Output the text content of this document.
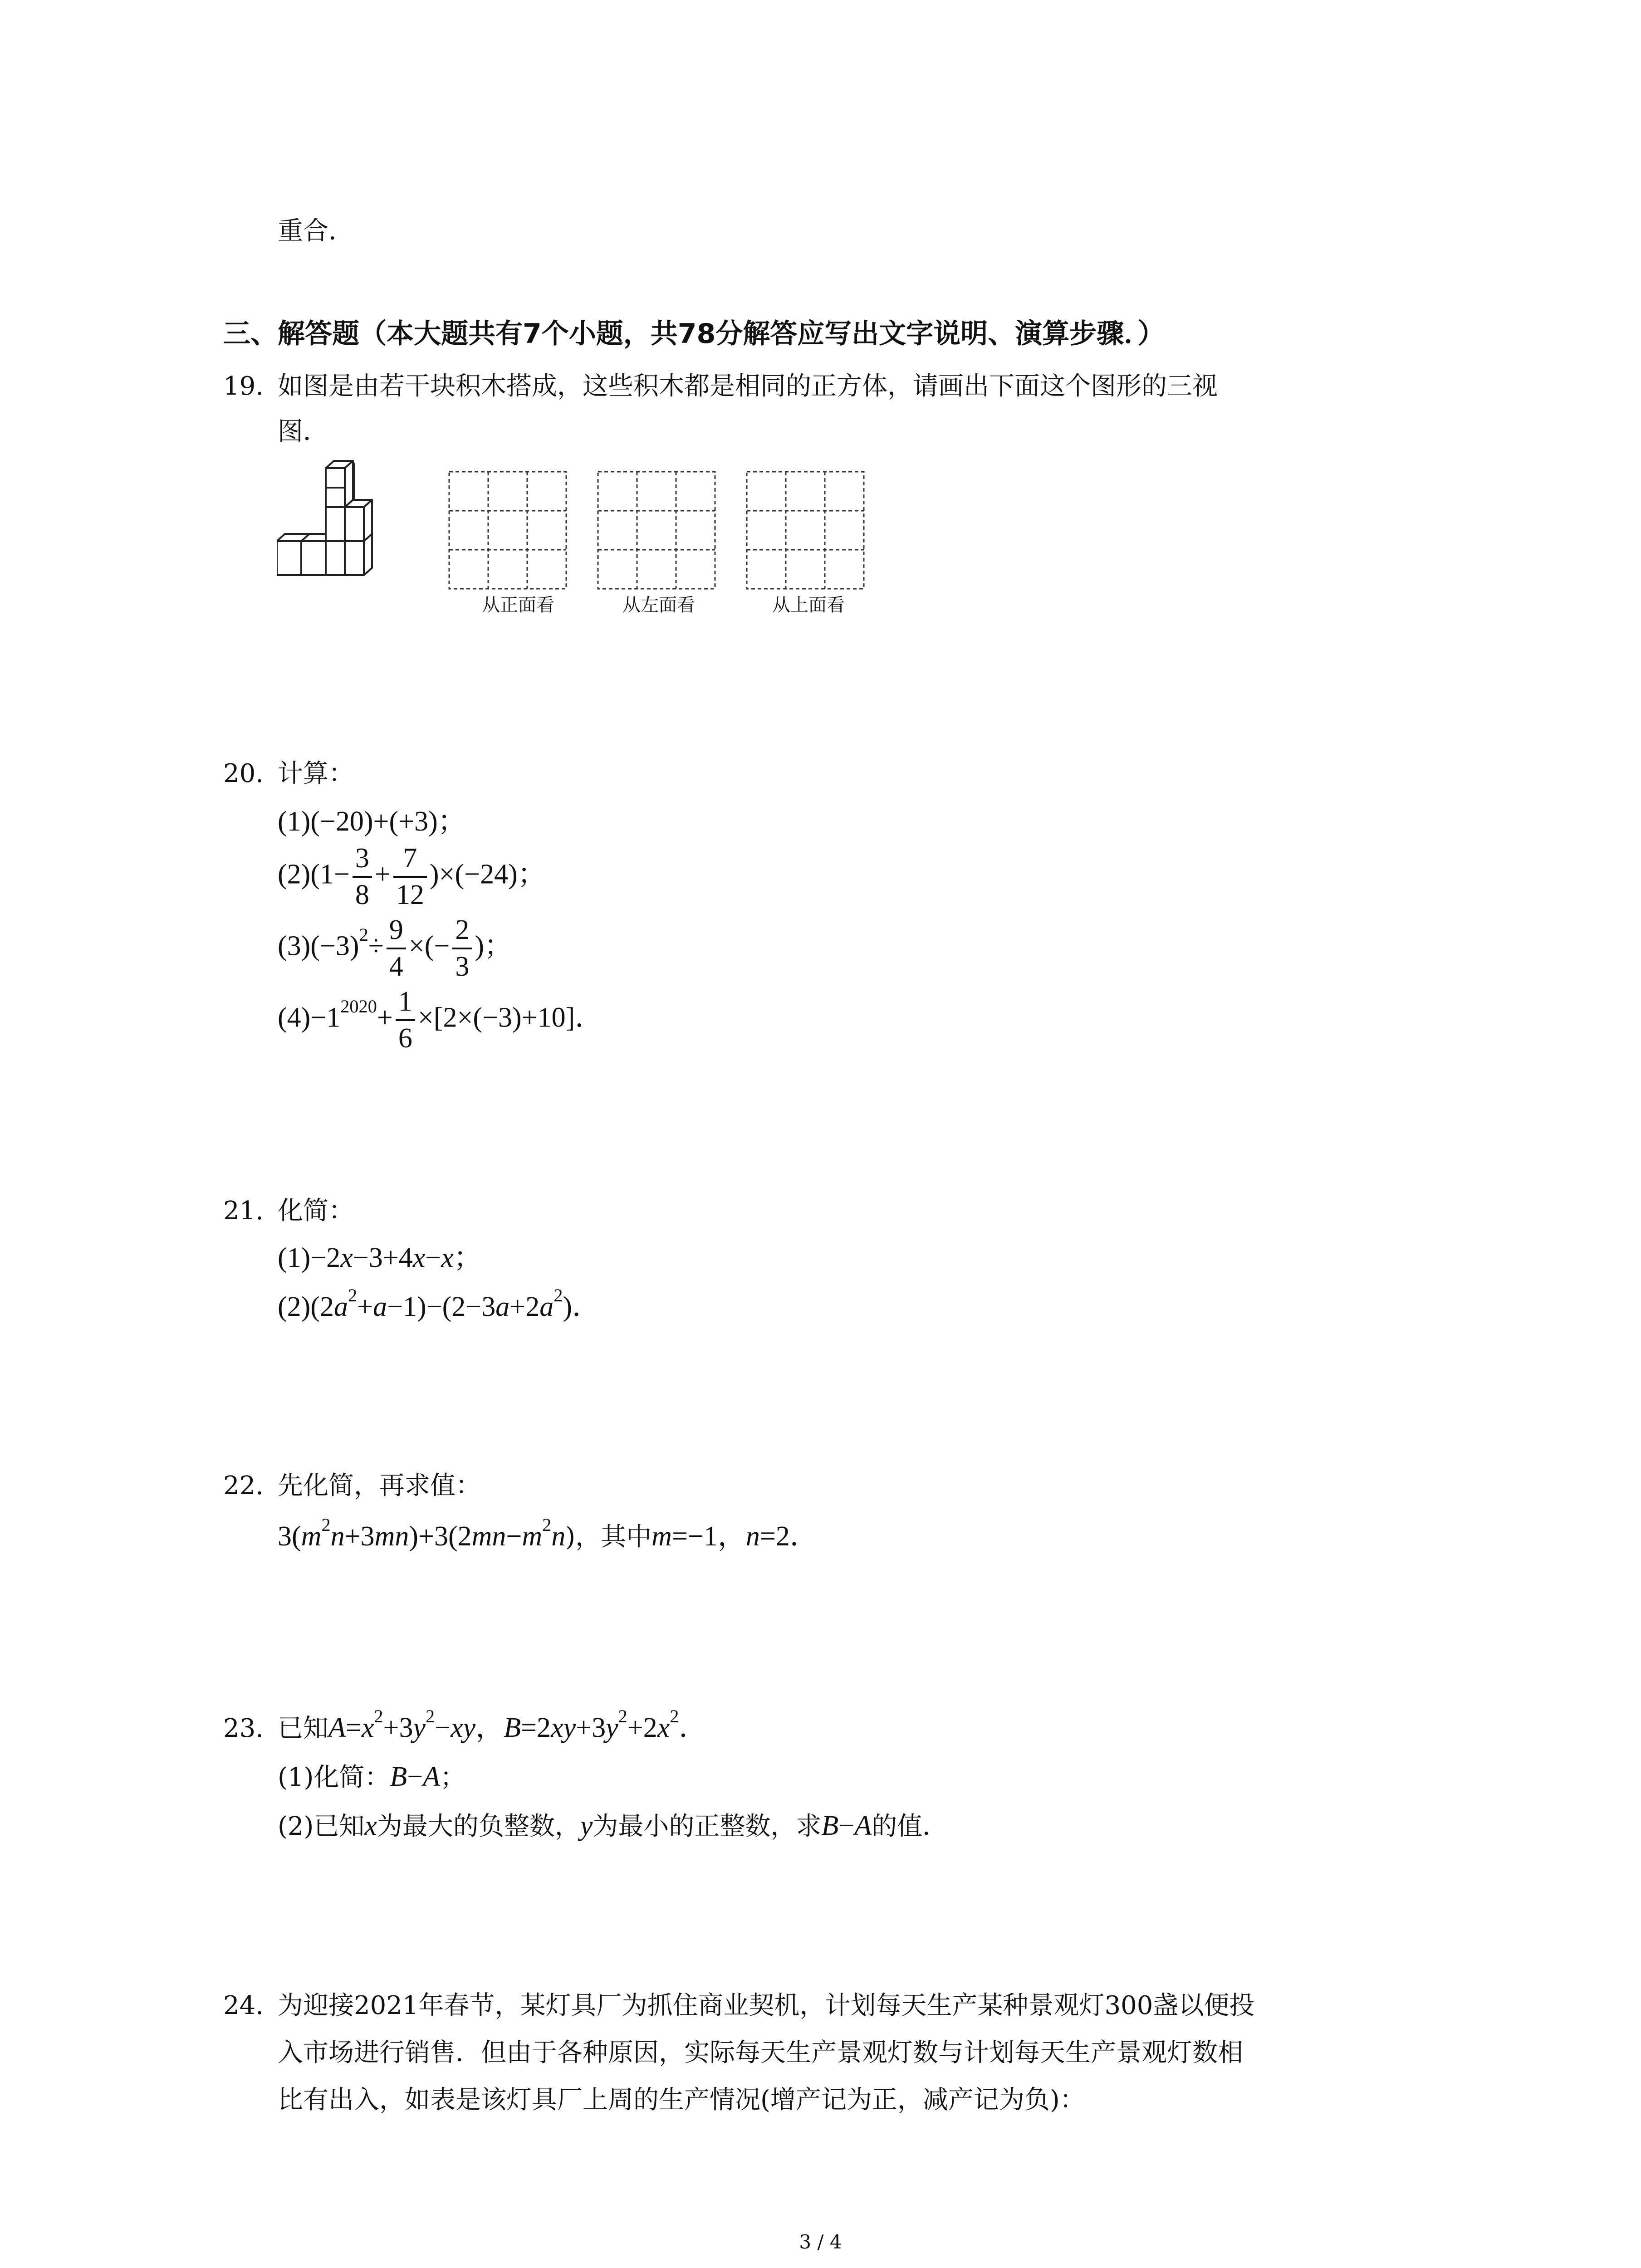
重合．
三、解答题（本大题共有7个小题，共78分解答应写出文字说明、演算步骤．）
19. 如图是由若干块积木搭成，这些积木都是相同的正方体，请画出下面这个图形的三视
图．
从正面看	从左面看	从上面看
20. 计算：
(1)(−20)+(+3)；
$(2)(1- \frac{3}{8} + \frac{7}{12} )\times(-24)$；
$(3)(-3)^2\div \frac{9}{4}$ ×(− $\frac{2}{3}$ )；
$(4)-1^{2020}+ \frac{1}{6} \times[2\times(-3)+10]$．
21. 化简：
(1)−2x−3+4x−x；
$(2)(2a^2+a-1)-(2-3a+2a^2)$．
22. 先化简，再求值：
$3(m^2n+3mn)+3(2mn-m^2n)$，其中m=−1，n=2．
23. 已知$A=x^2+3y^2-xy$，$B=2xy+3y^2+2x^2$．
(1)化简：B−A；
(2)已知x为最大的负整数，y为最小的正整数，求B−A的值．
24. 为迎接2021年春节，某灯具厂为抓住商业契机，计划每天生产某种景观灯300盏以便投
入市场进行销售．但由于各种原因，实际每天生产景观灯数与计划每天生产景观灯数相
比有出入，如表是该灯具厂上周的生产情况(增产记为正，减产记为负)：
3 / 4
